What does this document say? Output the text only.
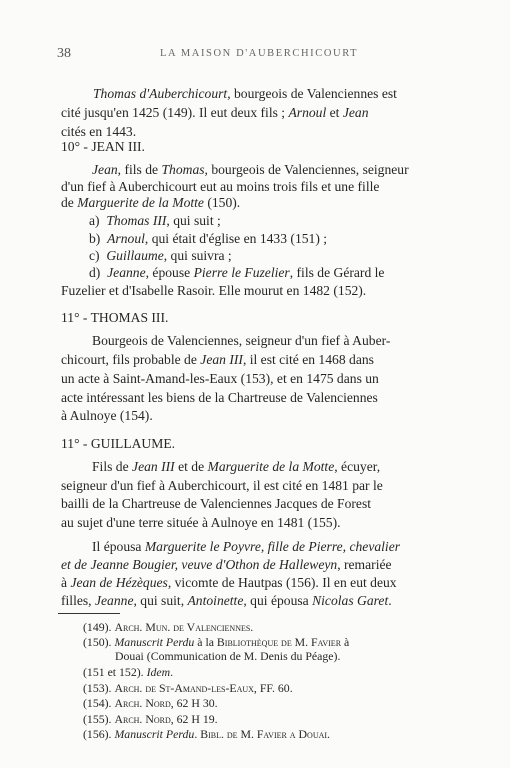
38	LA MAISON D'AUBERCHICOURT
Thomas d'Auberchicourt, bourgeois de Valenciennes est
cité jusqu'en 1425 (149). Il eut deux fils ; Arnoul et Jean
cités en 1443.
10° - JEAN III.
Jean, fils de Thomas, bourgeois de Valenciennes, seigneur
d'un fief à Auberchicourt eut au moins trois fils et une fille
de Marguerite de la Motte (150).
a) Thomas III, qui suit ;
b) Arnoul, qui était d'église en 1433 (151) ;
c) Guillaume, qui suivra ;
d) Jeanne, épouse Pierre le Fuzelier, fils de Gérard le
Fuzelier et d'Isabelle Rasoir. Elle mourut en 1482 (152).
11° - THOMAS III.
Bourgeois de Valenciennes, seigneur d'un fief à Auber-
chicourt, fils probable de Jean III, il est cité en 1468 dans
un acte à Saint-Amand-les-Eaux (153), et en 1475 dans un
acte intéressant les biens de la Chartreuse de Valenciennes
à Aulnoye (154).
11° - GUILLAUME.
Fils de Jean III et de Marguerite de la Motte, écuyer,
seigneur d'un fief à Auberchicourt, il est cité en 1481 par le
bailli de la Chartreuse de Valenciennes Jacques de Forest
au sujet d'une terre située à Aulnoye en 1481 (155).
Il épousa Marguerite le Poyvre, fille de Pierre, chevalier
et de Jeanne Bougier, veuve d'Othon de Halleweyn, remariée
à Jean de Hézèques, vicomte de Hautpas (156). Il en eut deux
filles, Jeanne, qui suit, Antoinette, qui épousa Nicolas Garet.
(149). Arch. Mun. de Valenciennes.
(150). Manuscrit Perdu à la Bibliothèque de M. Favier à
Douai (Communication de M. Denis du Péage).
(151 et 152). Idem.
(153). Arch. de St-Amand-les-Eaux, FF. 60.
(154). Arch. Nord, 62 H 30.
(155). Arch. Nord, 62 H 19.
(156). Manuscrit Perdu. Bibl. de M. Favier a Douai.
